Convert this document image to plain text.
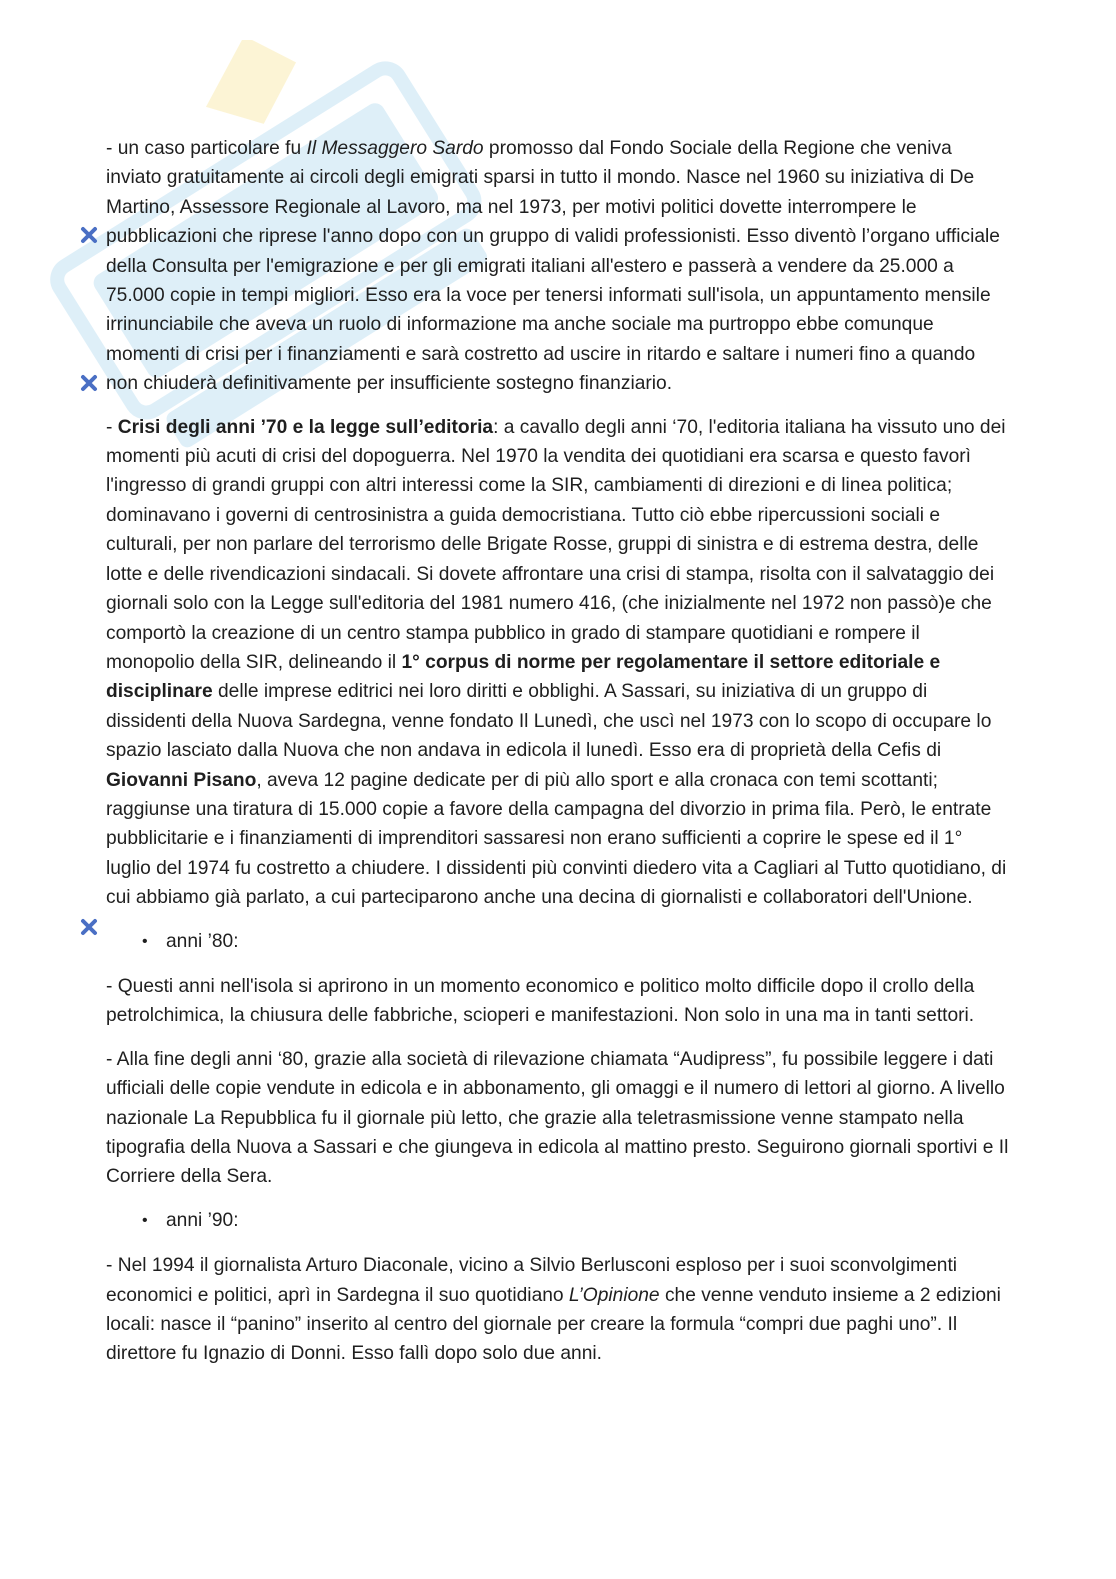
- un caso particolare fu Il Messaggero Sardo promosso dal Fondo Sociale della Regione che veniva inviato gratuitamente ai circoli degli emigrati sparsi in tutto il mondo. Nasce nel 1960 su iniziativa di De Martino, Assessore Regionale al Lavoro, ma nel 1973, per motivi politici dovette interrompere le pubblicazioni che riprese l'anno dopo con un gruppo di validi professionisti. Esso diventò l’organo ufficiale della Consulta per l'emigrazione e per gli emigrati italiani all'estero e passerà a vendere da 25.000 a 75.000 copie in tempi migliori. Esso era la voce per tenersi informati sull'isola, un appuntamento mensile irrinunciabile che aveva un ruolo di informazione ma anche sociale ma purtroppo ebbe comunque momenti di crisi per i finanziamenti e sarà costretto ad uscire in ritardo e saltare i numeri fino a quando non chiuderà definitivamente per insufficiente sostegno finanziario.

- Crisi degli anni ’70 e la legge sull’editoria: a cavallo degli anni ‘70, l'editoria italiana ha vissuto uno dei momenti più acuti di crisi del dopoguerra. Nel 1970 la vendita dei quotidiani era scarsa e questo favorì l'ingresso di grandi gruppi con altri interessi come la SIR, cambiamenti di direzioni e di linea politica; dominavano i governi di centrosinistra a guida democristiana. Tutto ciò ebbe ripercussioni sociali e culturali, per non parlare del terrorismo delle Brigate Rosse, gruppi di sinistra e di estrema destra, delle lotte e delle rivendicazioni sindacali. Si dovete affrontare una crisi di stampa, risolta con il salvataggio dei giornali solo con la Legge sull'editoria del 1981 numero 416, (che inizialmente nel 1972 non passò)e che comportò la creazione di un centro stampa pubblico in grado di stampare quotidiani e rompere il monopolio della SIR, delineando il 1° corpus di norme per regolamentare il settore editoriale e disciplinare delle imprese editrici nei loro diritti e obblighi. A Sassari, su iniziativa di un gruppo di dissidenti della Nuova Sardegna, venne fondato Il Lunedì, che uscì nel 1973 con lo scopo di occupare lo spazio lasciato dalla Nuova che non andava in edicola il lunedì. Esso era di proprietà della Cefis di Giovanni Pisano, aveva 12 pagine dedicate per di più allo sport e alla cronaca con temi scottanti; raggiunse una tiratura di 15.000 copie a favore della campagna del divorzio in prima fila. Però, le entrate pubblicitarie e i finanziamenti di imprenditori sassaresi non erano sufficienti a coprire le spese ed il 1° luglio del 1974 fu costretto a chiudere. I dissidenti più convinti diedero vita a Cagliari al Tutto quotidiano, di cui abbiamo già parlato, a cui parteciparono anche una decina di giornalisti e collaboratori dell'Unione.

• anni ’80:

- Questi anni nell'isola si aprirono in un momento economico e politico molto difficile dopo il crollo della petrolchimica, la chiusura delle fabbriche, scioperi e manifestazioni. Non solo in una ma in tanti settori.

- Alla fine degli anni ‘80, grazie alla società di rilevazione chiamata “Audipress”, fu possibile leggere i dati ufficiali delle copie vendute in edicola e in abbonamento, gli omaggi e il numero di lettori al giorno. A livello nazionale La Repubblica fu il giornale più letto, che grazie alla teletrasmissione venne stampato nella tipografia della Nuova a Sassari e che giungeva in edicola al mattino presto. Seguirono giornali sportivi e Il Corriere della Sera.

• anni ’90:

- Nel 1994 il giornalista Arturo Diaconale, vicino a Silvio Berlusconi esploso per i suoi sconvolgimenti economici e politici, aprì in Sardegna il suo quotidiano L’Opinione che venne venduto insieme a 2 edizioni locali: nasce il “panino” inserito al centro del giornale per creare la formula “compri due paghi uno”. Il direttore fu Ignazio di Donni. Esso fallì dopo solo due anni.
